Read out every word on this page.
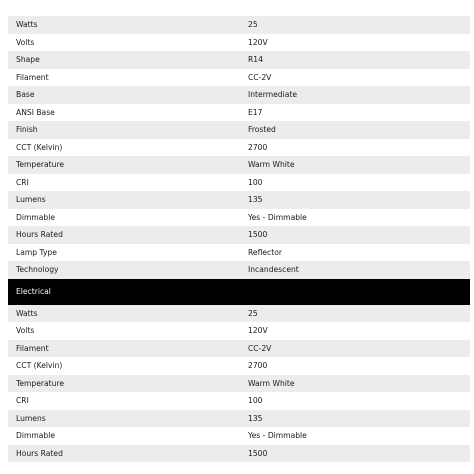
Watts	25
Volts	120V
Shape	R14
Filament	CC-2V
Base	Intermediate
ANSI Base	E17
Finish	Frosted
CCT (Kelvin)	2700
Temperature	Warm White
CRI	100
Lumens	135
Dimmable	Yes - Dimmable
Hours Rated	1500
Lamp Type	Reflector
Technology	Incandescent
Electrical
Watts	25
Volts	120V
Filament	CC-2V
CCT (Kelvin)	2700
Temperature	Warm White
CRI	100
Lumens	135
Dimmable	Yes - Dimmable
Hours Rated	1500
